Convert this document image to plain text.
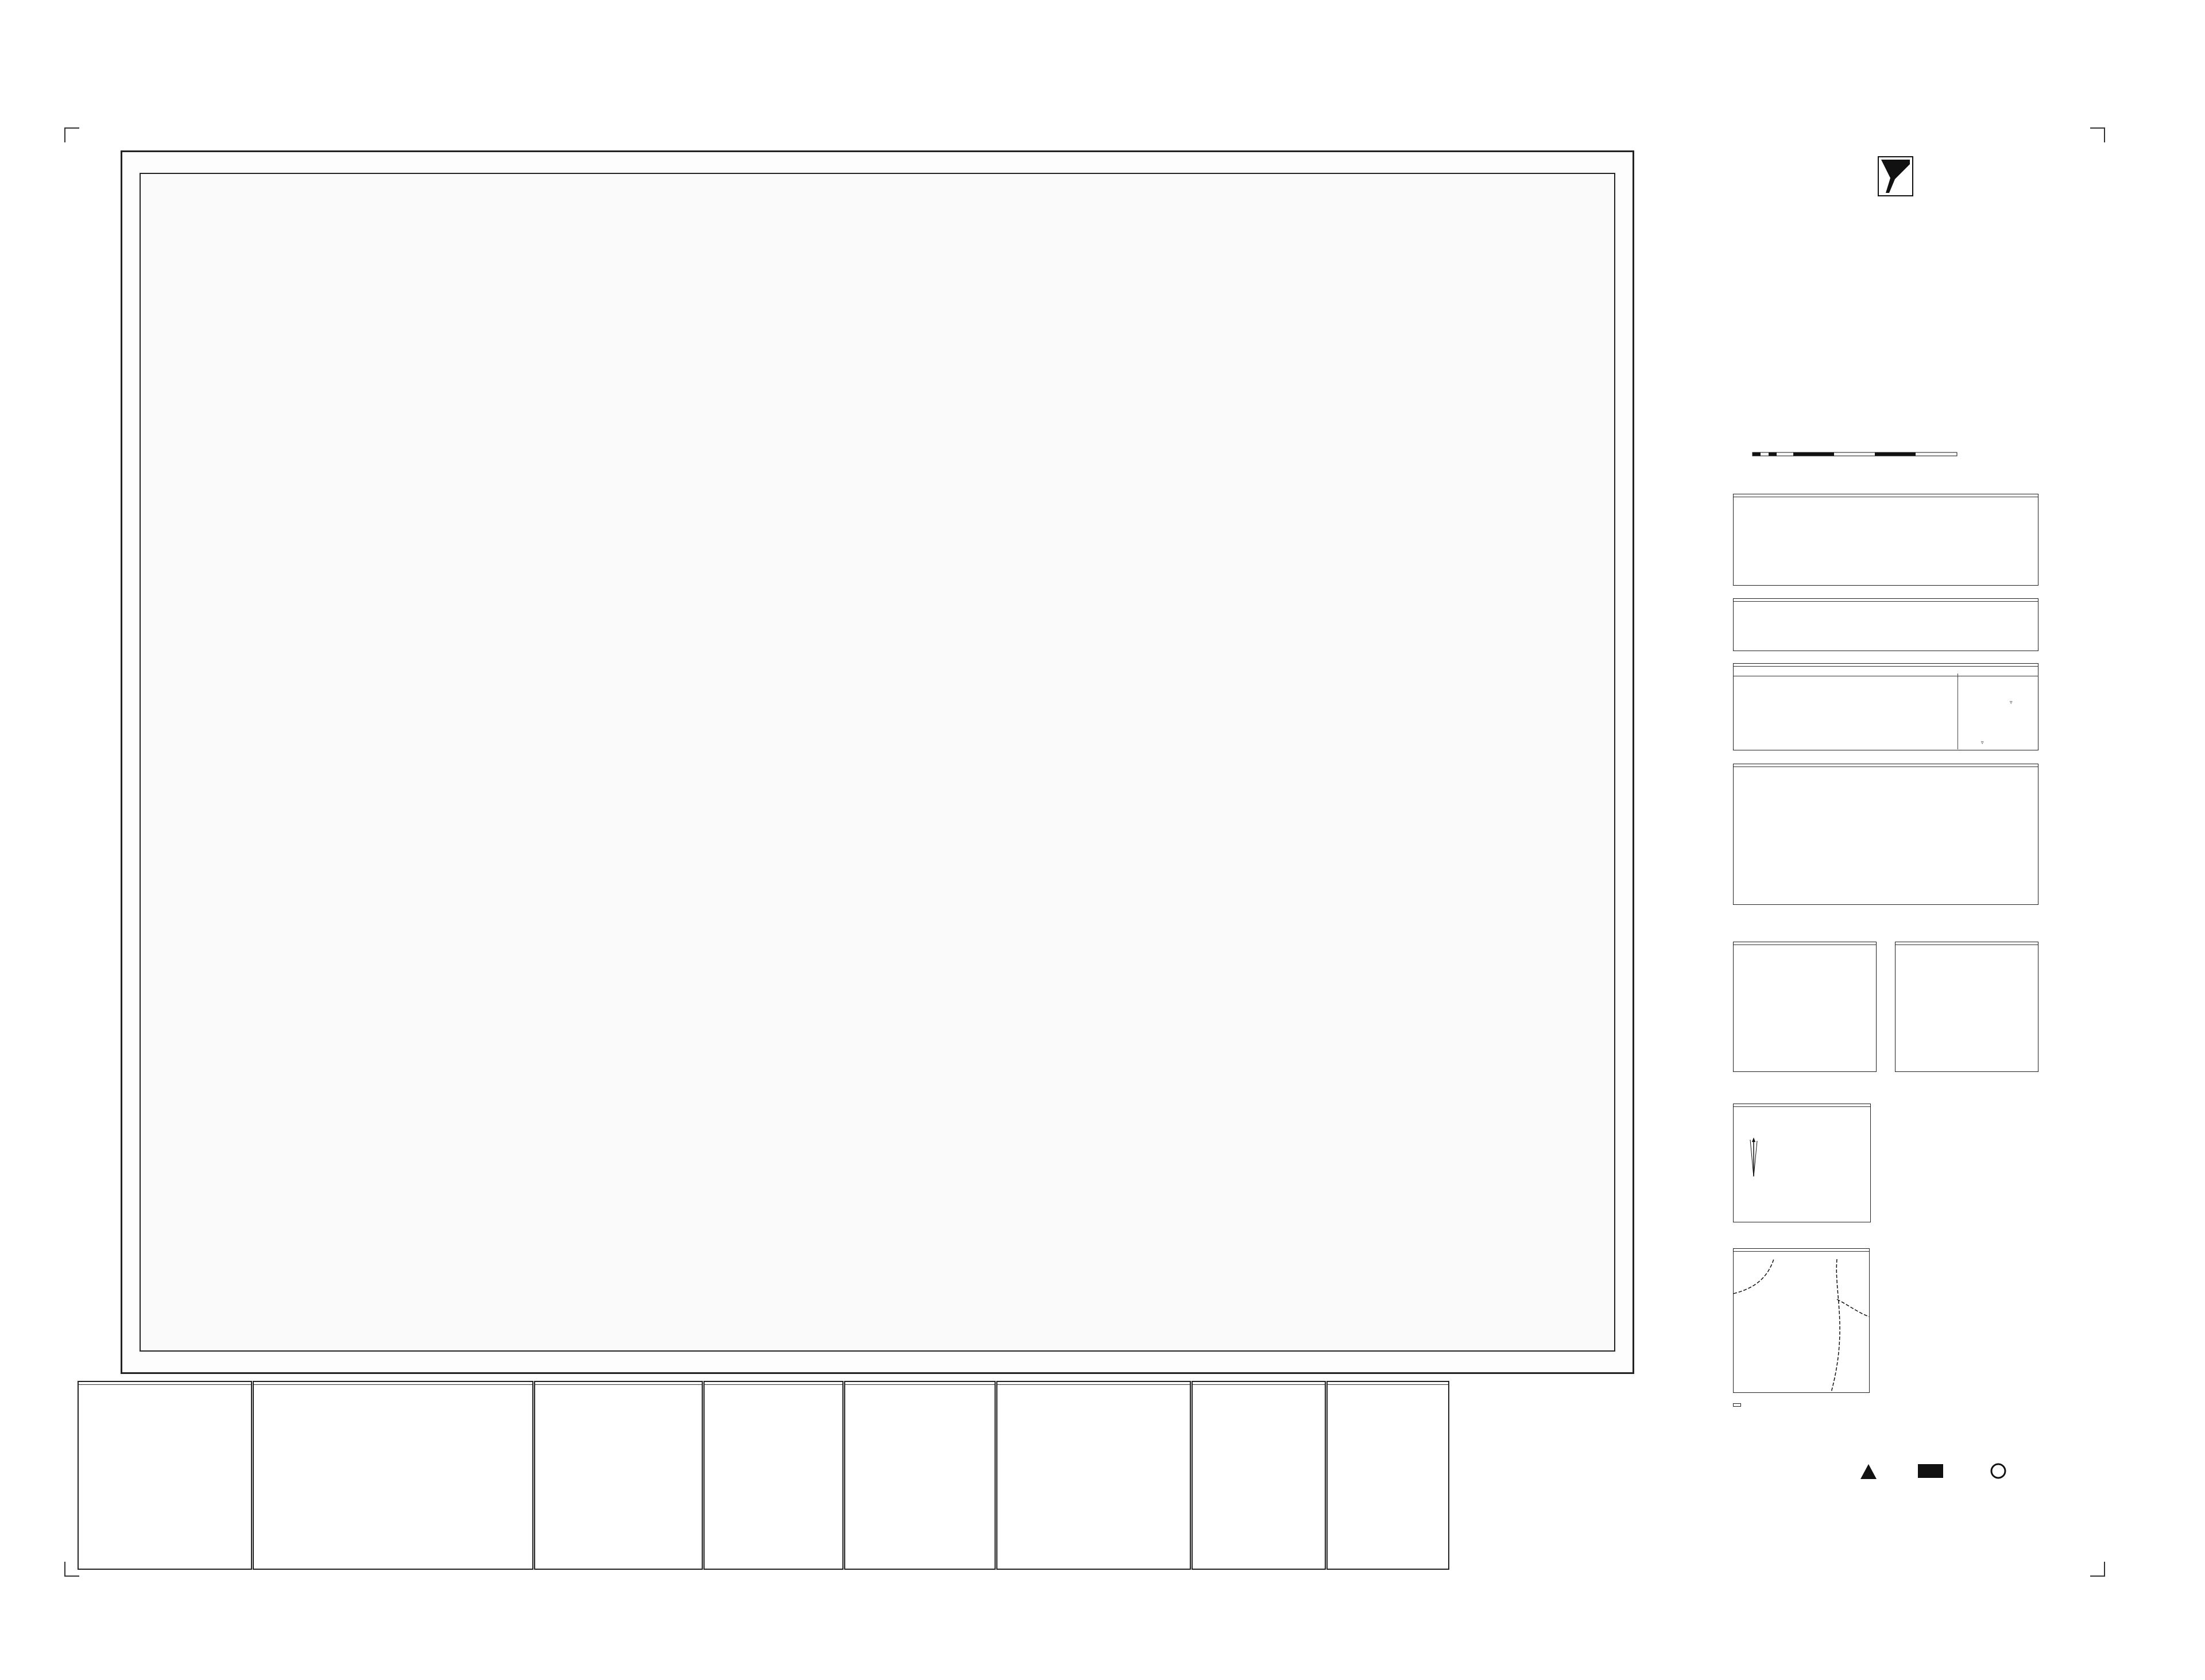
▿

▿
